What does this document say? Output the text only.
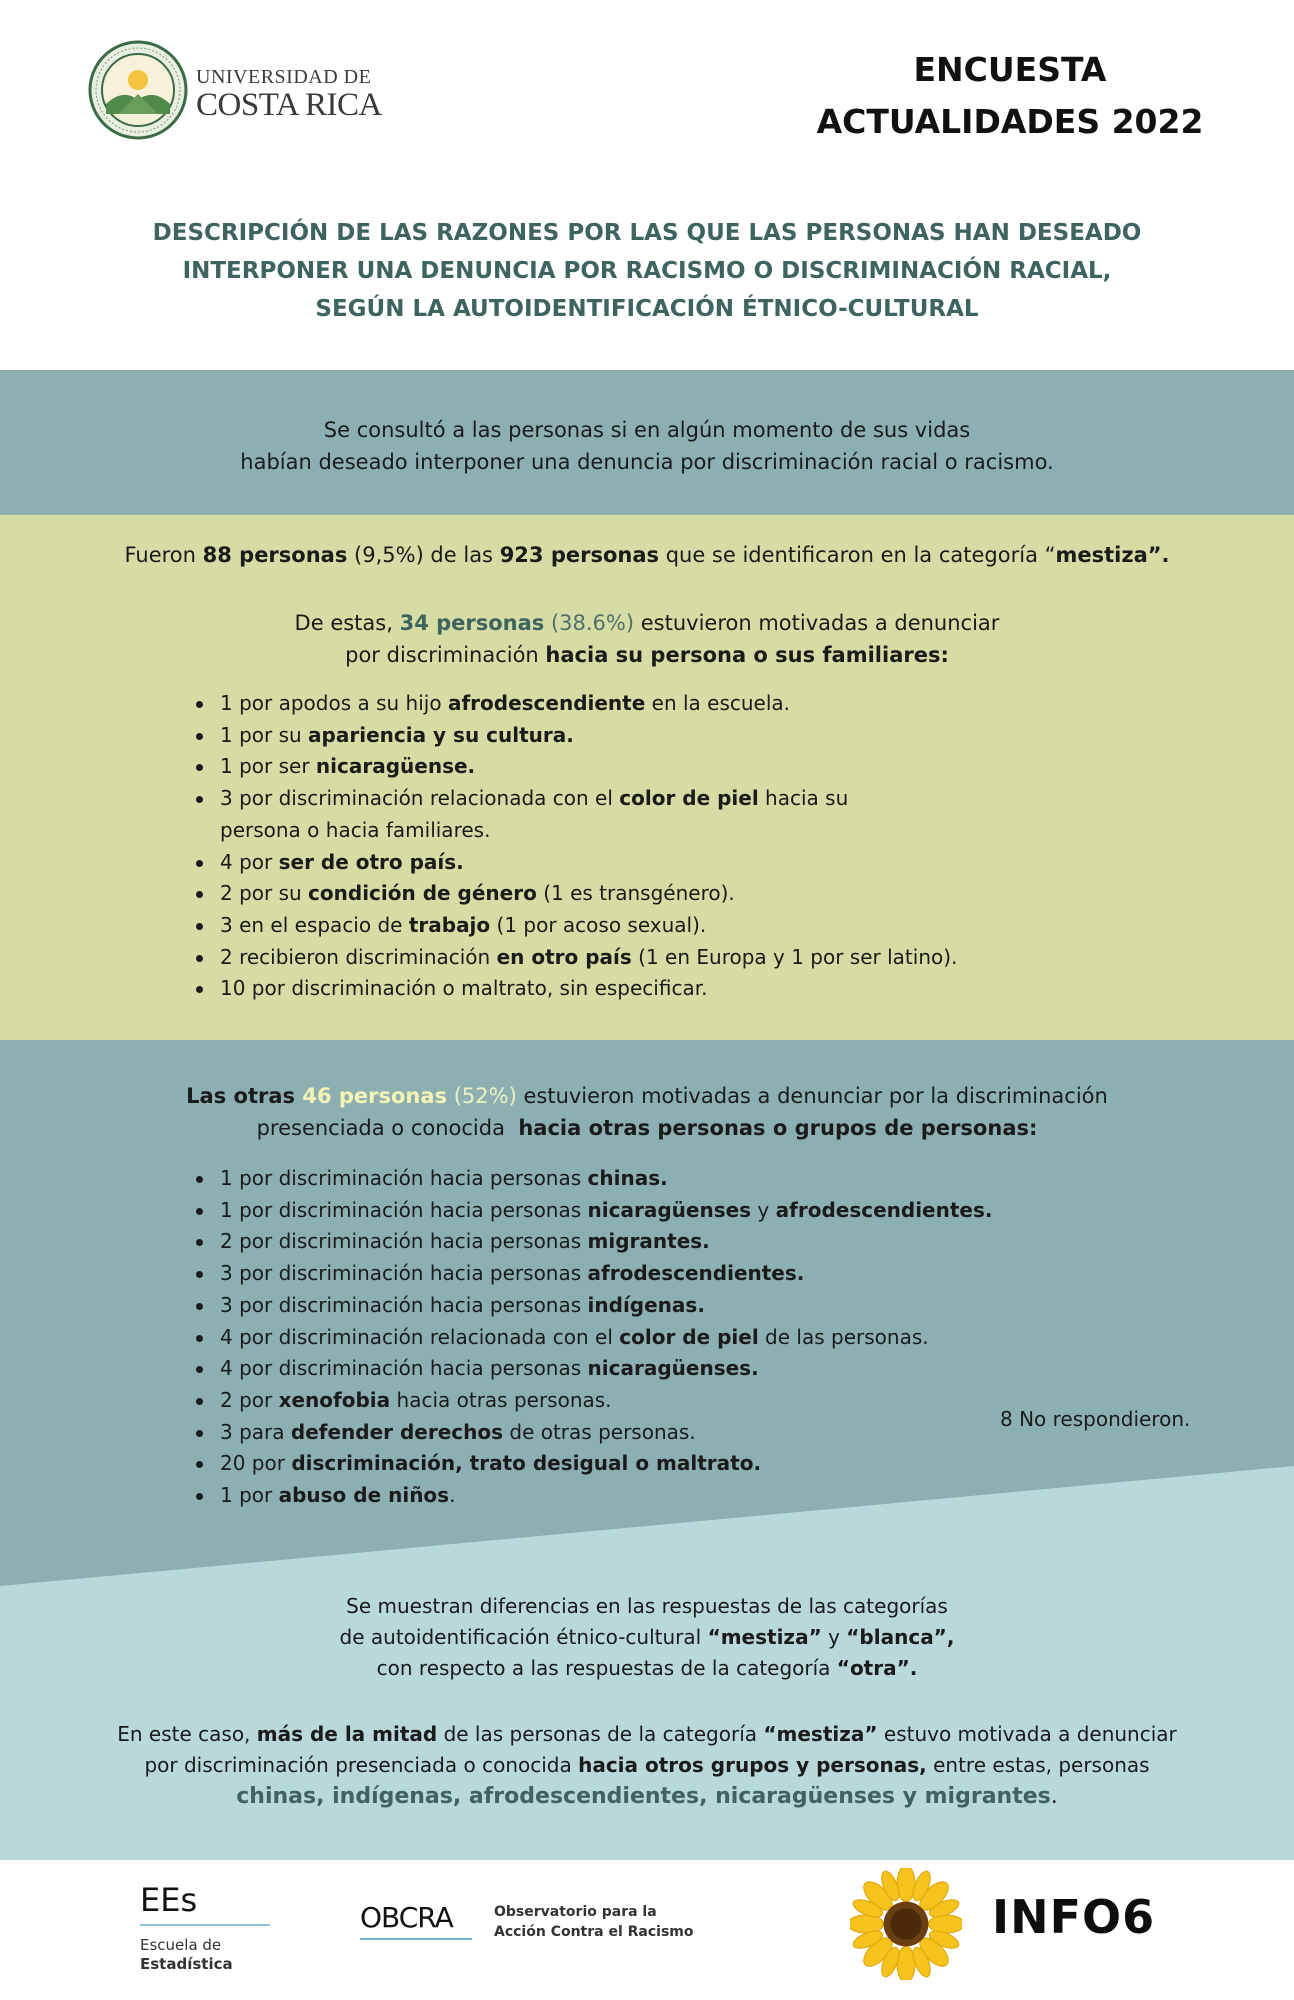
UNIVERSIDAD DE
COSTA RICA
ENCUESTA
ACTUALIDADES 2022
DESCRIPCIÓN DE LAS RAZONES POR LAS QUE LAS PERSONAS HAN DESEADO
INTERPONER UNA DENUNCIA POR RACISMO O DISCRIMINACIÓN RACIAL,
SEGÚN LA AUTOIDENTIFICACIÓN ÉTNICO-CULTURAL
Se consultó a las personas si en algún momento de sus vidas
habían deseado interponer una denuncia por discriminación racial o racismo.
Fueron 88 personas (9,5%) de las 923 personas que se identificaron en la categoría “mestiza”.
De estas, 34 personas (38.6%) estuvieron motivadas a denunciar
por discriminación hacia su persona o sus familiares:
1 por apodos a su hijo afrodescendiente en la escuela.
1 por su apariencia y su cultura.
1 por ser nicaragüense.
3 por discriminación relacionada con el color de piel hacia su persona o hacia familiares.
4 por ser de otro país.
2 por su condición de género (1 es transgénero).
3 en el espacio de trabajo (1 por acoso sexual).
2 recibieron discriminación en otro país (1 en Europa y 1 por ser latino).
10 por discriminación o maltrato, sin especificar.
Las otras 46 personas (52%) estuvieron motivadas a denunciar por la discriminación
presenciada o conocida  hacia otras personas o grupos de personas:
1 por discriminación hacia personas chinas.
1 por discriminación hacia personas nicaragüenses y afrodescendientes.
2 por discriminación hacia personas migrantes.
3 por discriminación hacia personas afrodescendientes.
3 por discriminación hacia personas indígenas.
4 por discriminación relacionada con el color de piel de las personas.
4 por discriminación hacia personas nicaragüenses.
2 por xenofobia hacia otras personas.
3 para defender derechos de otras personas.
20 por discriminación, trato desigual o maltrato.
1 por abuso de niños.
8 No respondieron.
Se muestran diferencias en las respuestas de las categorías
de autoidentificación étnico-cultural “mestiza” y “blanca”,
con respecto a las respuestas de la categoría “otra”.
En este caso, más de la mitad de las personas de la categoría “mestiza” estuvo motivada a denunciar
por discriminación presenciada o conocida hacia otros grupos y personas, entre estas, personas
chinas, indígenas, afrodescendientes, nicaragüenses y migrantes.
EEs
Escuela de
Estadística
OBCRA	Observatorio para la
Acción Contra el Racismo	INFO6
